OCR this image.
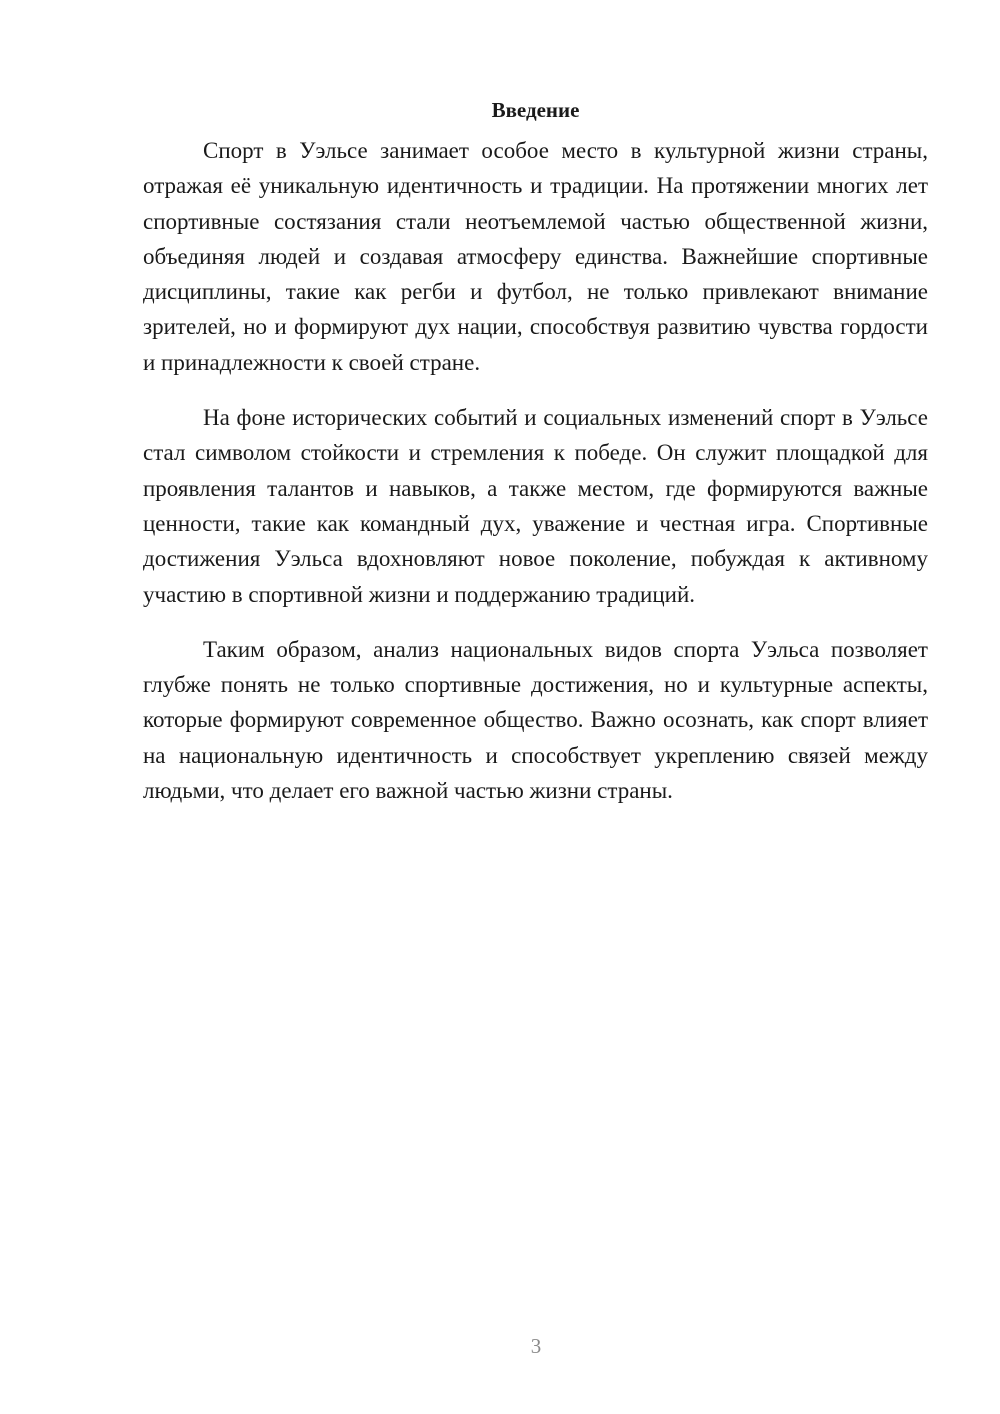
Введение

Спорт в Уэльсе занимает особое место в культурной жизни страны, отражая её уникальную идентичность и традиции. На протяжении многих лет спортивные состязания стали неотъемлемой частью общественной жизни, объединяя людей и создавая атмосферу единства. Важнейшие спортивные дисциплины, такие как регби и футбол, не только привлекают внимание зрителей, но и формируют дух нации, способствуя развитию чувства гордости и принадлежности к своей стране.

На фоне исторических событий и социальных изменений спорт в Уэльсе стал символом стойкости и стремления к победе. Он служит площадкой для проявления талантов и навыков, а также местом, где формируются важные ценности, такие как командный дух, уважение и честная игра. Спортивные достижения Уэльса вдохновляют новое поколение, побуждая к активному участию в спортивной жизни и поддержанию традиций.

Таким образом, анализ национальных видов спорта Уэльса позволяет глубже понять не только спортивные достижения, но и культурные аспекты, которые формируют современное общество. Важно осознать, как спорт влияет на национальную идентичность и способствует укреплению связей между людьми, что делает его важной частью жизни страны.

3
